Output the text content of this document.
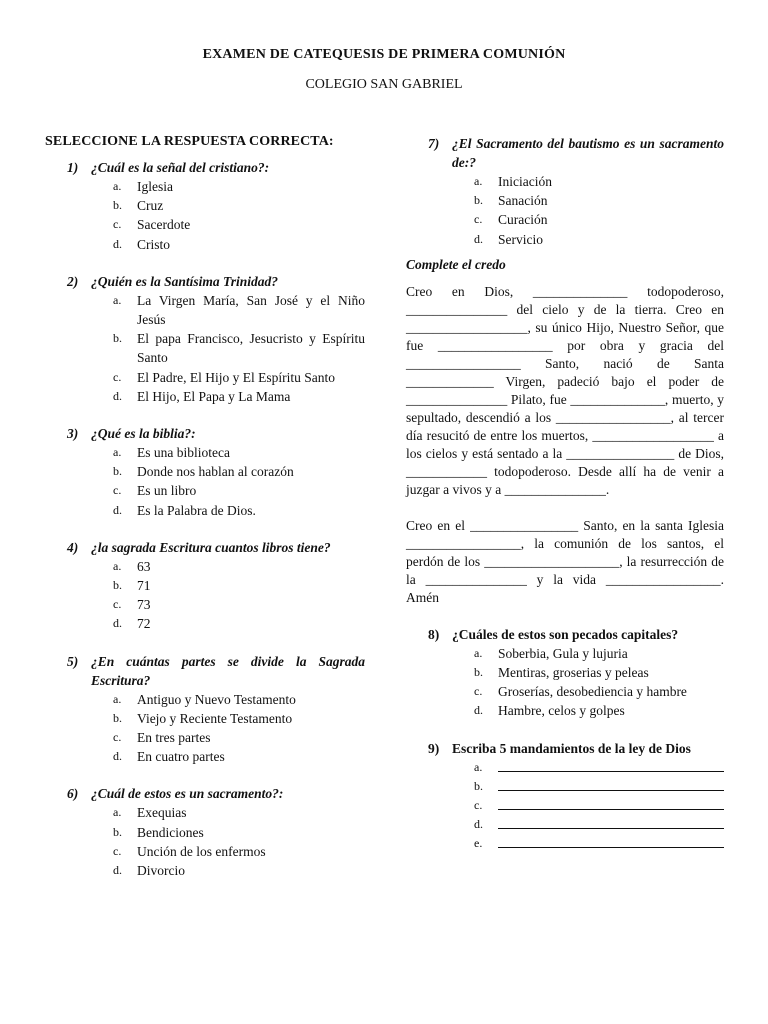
EXAMEN DE CATEQUESIS DE PRIMERA COMUNIÓN
COLEGIO SAN GABRIEL
SELECCIONE LA RESPUESTA CORRECTA:
1) ¿Cuál es la señal del cristiano?:
a.	Iglesia
b.	Cruz
c.	Sacerdote
d.	Cristo
2) ¿Quién es la Santísima Trinidad?
a.	La Virgen María, San José y el Niño Jesús
b.	El papa Francisco, Jesucristo y Espíritu Santo
c.	El Padre, El Hijo y El Espíritu Santo
d.	El Hijo, El Papa y La Mama
3) ¿Qué es la biblia?:
a.	Es una biblioteca
b.	Donde nos hablan al corazón
c.	Es un libro
d.	Es la Palabra de Dios.
4) ¿la sagrada Escritura cuantos libros tiene?
a.	63
b.	71
c.	73
d.	72
5) ¿En cuántas partes se divide la Sagrada Escritura?
a.	Antiguo y Nuevo Testamento
b.	Viejo y Reciente Testamento
c.	En tres partes
d.	En cuatro partes
6) ¿Cuál de estos es un sacramento?:
a.	Exequias
b.	Bendiciones
c.	Unción de los enfermos
d.	Divorcio
7) ¿El Sacramento del bautismo es un sacramento de:?
a.	Iniciación
b.	Sanación
c.	Curación
d.	Servicio
Complete el credo

Creo en Dios, ______________ todopoderoso, _______________ del cielo y de la tierra. Creo en __________________, su único Hijo, Nuestro Señor, que fue _________________ por obra y gracia del _________________ Santo, nació de Santa _____________ Virgen, padeció bajo el poder de _______________ Pilato, fue ______________, muerto, y sepultado, descendió a los _________________, al tercer día resucitó de entre los muertos, __________________ a los cielos y está sentado a la ________________ de Dios, ____________ todopoderoso. Desde allí ha de venir a juzgar a vivos y a _______________.

Creo en el ________________ Santo, en la santa Iglesia _________________, la comunión de los santos, el perdón de los ____________________, la resurrección de la _______________ y la vida _________________. Amén

8) ¿Cuáles de estos son pecados capitales?
a.	Soberbia, Gula y lujuria
b.	Mentiras, groserias y peleas
c.	Groserías, desobediencia y hambre
d.	Hambre, celos y golpes
9) Escriba 5 mandamientos de la ley de Dios
a.
b.
c.
d.
e.
